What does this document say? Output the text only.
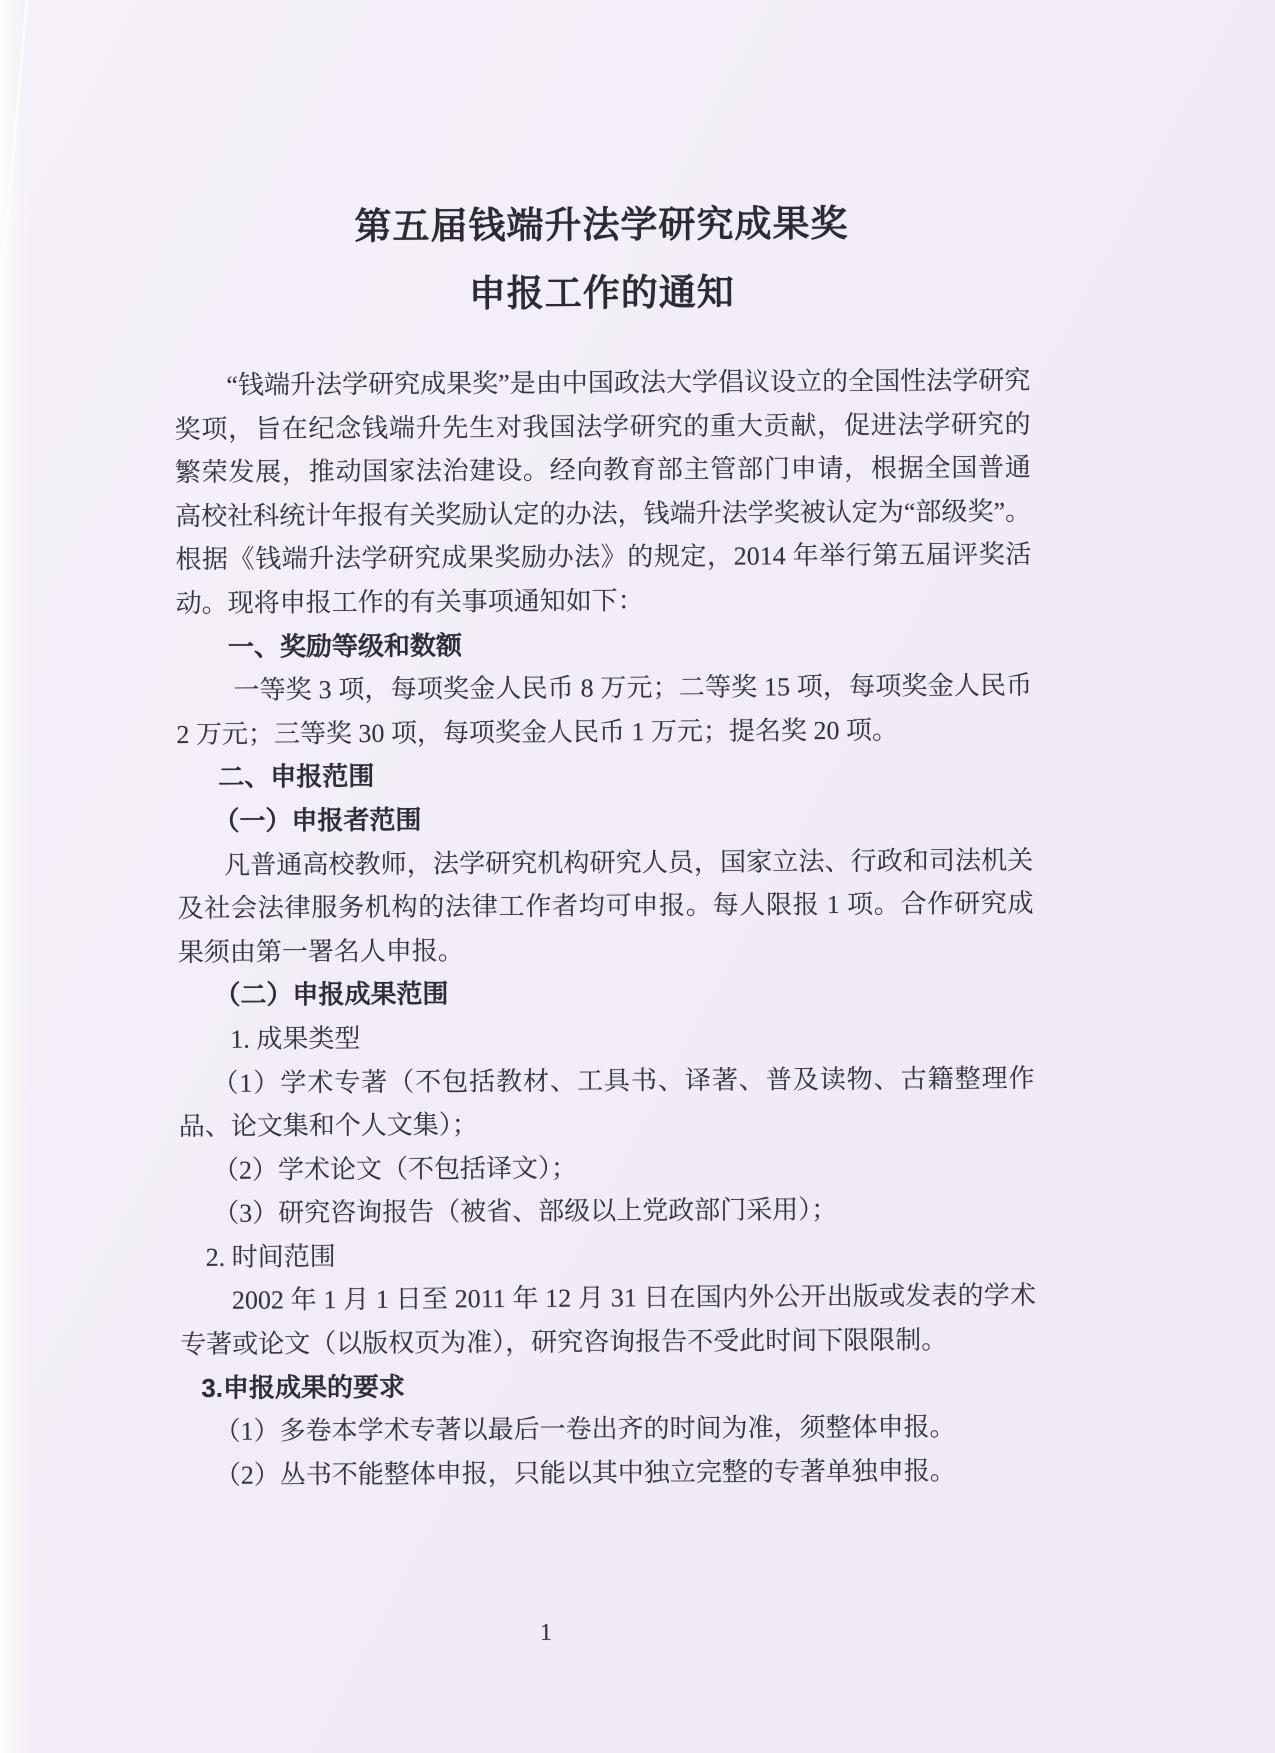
第五届钱端升法学研究成果奖
申报工作的通知
“钱端升法学研究成果奖”是由中国政法大学倡议设立的全国性法学研究奖项，旨在纪念钱端升先生对我国法学研究的重大贡献，促进法学研究的繁荣发展，推动国家法治建设。经向教育部主管部门申请，根据全国普通高校社科统计年报有关奖励认定的办法，钱端升法学奖被认定为“部级奖”。根据《钱端升法学研究成果奖励办法》的规定，2014 年举行第五届评奖活动。现将申报工作的有关事项通知如下：
一、奖励等级和数额
一等奖 3 项，每项奖金人民币 8 万元；二等奖 15 项，每项奖金人民币 2 万元；三等奖 30 项，每项奖金人民币 1 万元；提名奖 20 项。
二、申报范围
（一）申报者范围
凡普通高校教师，法学研究机构研究人员，国家立法、行政和司法机关及社会法律服务机构的法律工作者均可申报。每人限报 1 项。合作研究成果须由第一署名人申报。
（二）申报成果范围
1. 成果类型
（1）学术专著（不包括教材、工具书、译著、普及读物、古籍整理作品、论文集和个人文集）；
（2）学术论文（不包括译文）；
（3）研究咨询报告（被省、部级以上党政部门采用）；
2. 时间范围
2002 年 1 月 1 日至 2011 年 12 月 31 日在国内外公开出版或发表的学术专著或论文（以版权页为准），研究咨询报告不受此时间下限限制。
3.申报成果的要求
（1）多卷本学术专著以最后一卷出齐的时间为准，须整体申报。
（2）丛书不能整体申报，只能以其中独立完整的专著单独申报。
1
